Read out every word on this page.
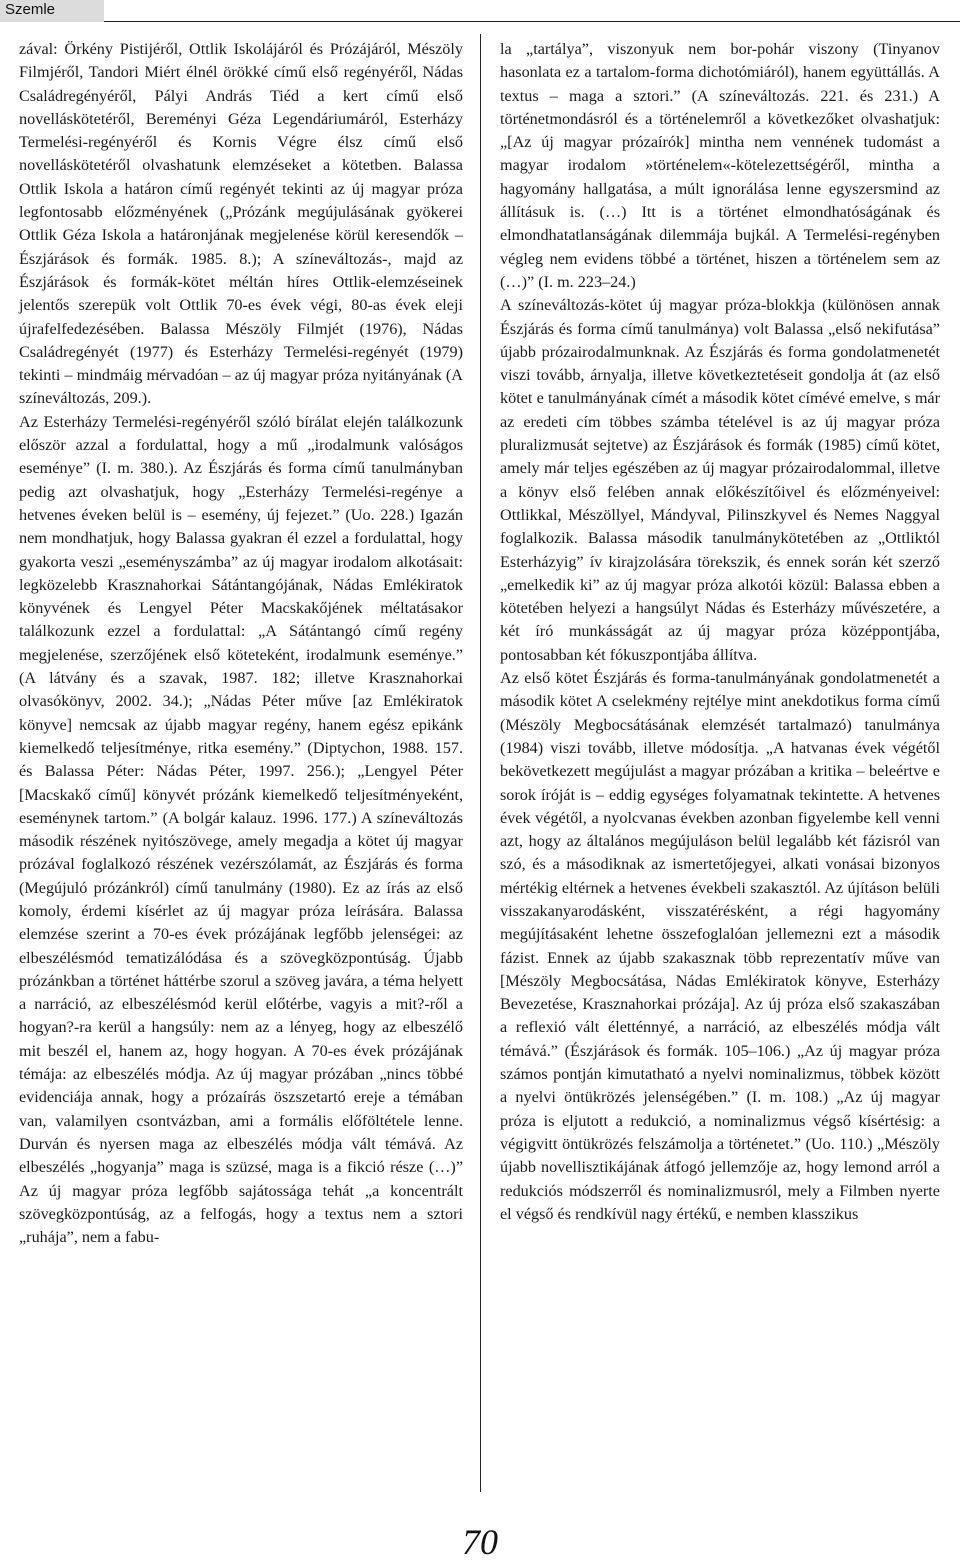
Szemle

zával: Örkény Pistijéről, Ottlik Iskolájáról és Prózájáról, Mészöly Filmjéről, Tandori Miért élnél örökké című első regényéről, Nádas Családregényéről, Pályi András Tiéd a kert című első novelláskötetéről, Bereményi Géza Legendáriumáról, Esterházy Termelési-regényéről és Kornis Végre élsz című első novelláskötetéről olvashatunk elemzéseket a kötetben. Balassa Ottlik Iskola a határon című regényét tekinti az új magyar próza legfontosabb előzményének („Prózánk megújulásának gyökerei Ottlik Géza Iskola a határonjának megjelenése körül keresendők – Észjárások és formák. 1985. 8.); A színeváltozás-, majd az Észjárások és formák-kötet méltán híres Ottlik-elemzéseinek jelentős szerepük volt Ottlik 70-es évek végi, 80-as évek eleji újrafelfedezésében. Balassa Mészöly Filmjét (1976), Nádas Családregényét (1977) és Esterházy Termelési-regényét (1979) tekinti – mindmáig mérvadóan – az új magyar próza nyitányának (A színeváltozás, 209.).

Az Esterházy Termelési-regényéről szóló bírálat elején találkozunk először azzal a fordulattal, hogy a mű „irodalmunk valóságos eseménye” (I. m. 380.). Az Észjárás és forma című tanulmányban pedig azt olvashatjuk, hogy „Esterházy Termelési-regénye a hetvenes éveken belül is – esemény, új fejezet.” (Uo. 228.) Igazán nem mondhatjuk, hogy Balassa gyakran él ezzel a fordulattal, hogy gyakorta veszi „eseményszámba” az új magyar irodalom alkotásait: legközelebb Krasznahorkai Sátántangójának, Nádas Emlékiratok könyvének és Lengyel Péter Macskakőjének méltatásakor találkozunk ezzel a fordulattal: „A Sátántangó című regény megjelenése, szerzőjének első köteteként, irodalmunk eseménye.” (A látvány és a szavak, 1987. 182; illetve Krasznahorkai olvasókönyv, 2002. 34.); „Nádas Péter műve [az Emlékiratok könyve] nemcsak az újabb magyar regény, hanem egész epikánk kiemelkedő teljesítménye, ritka esemény.” (Diptychon, 1988. 157. és Balassa Péter: Nádas Péter, 1997. 256.); „Lengyel Péter [Macskakő című] könyvét prózánk kiemelkedő teljesítményeként, eseménynek tartom.” (A bolgár kalauz. 1996. 177.) A színeváltozás második részének nyitószövege, amely megadja a kötet új magyar prózával foglalkozó részének vezérszólamát, az Észjárás és forma (Megújuló prózánkról) című tanulmány (1980). Ez az írás az első komoly, érdemi kísérlet az új magyar próza leírására. Balassa elemzése szerint a 70-es évek prózájának legfőbb jelenségei: az elbeszélésmód tematizálódása és a szövegközpontúság. Újabb prózánkban a történet háttérbe szorul a szöveg javára, a téma helyett a narráció, az elbeszélésmód kerül előtérbe, vagyis a mit?-ről a hogyan?-ra kerül a hangsúly: nem az a lényeg, hogy az elbeszélő mit beszél el, hanem az, hogy hogyan. A 70-es évek prózájának témája: az elbeszélés módja. Az új magyar prózában „nincs többé evidenciája annak, hogy a prózaírás öszszetartó ereje a témában van, valamilyen csontvázban, ami a formális előföltétele lenne. Durván és nyersen maga az elbeszélés módja vált témává. Az elbeszélés „hogyanja” maga is szüzsé, maga is a fikció része (…)” Az új magyar próza legfőbb sajátossága tehát „a koncentrált szövegközpontúság, az a felfogás, hogy a textus nem a sztori „ruhája”, nem a fabu-

la „tartálya”, viszonyuk nem bor-pohár viszony (Tinyanov hasonlata ez a tartalom-forma dichotómiáról), hanem együttállás. A textus – maga a sztori.” (A színeváltozás. 221. és 231.) A történetmondásról és a történelemről a következőket olvashatjuk: „[Az új magyar prózaírók] mintha nem vennének tudomást a magyar irodalom »történelem«-kötelezettségéről, mintha a hagyomány hallgatása, a múlt ignorálása lenne egyszersmind az állításuk is. (…) Itt is a történet elmondhatóságának és elmondhatatlanságának dilemmája bujkál. A Termelési-regényben végleg nem evidens többé a történet, hiszen a történelem sem az (…)” (I. m. 223–24.)

A színeváltozás-kötet új magyar próza-blokkja (különösen annak Észjárás és forma című tanulmánya) volt Balassa „első nekifutása” újabb prózairodalmunknak. Az Észjárás és forma gondolatmenetét viszi tovább, árnyalja, illetve következtetéseit gondolja át (az első kötet e tanulmányának címét a második kötet címévé emelve, s már az eredeti cím többes számba tételével is az új magyar próza pluralizmusát sejtetve) az Észjárások és formák (1985) című kötet, amely már teljes egészében az új magyar prózairodalommal, illetve a könyv első felében annak előkészítőivel és előzményeivel: Ottlikkal, Mészöllyel, Mándyval, Pilinszkyvel és Nemes Naggyal foglalkozik. Balassa második tanulmánykötetében az „Ottliktól Esterházyig” ív kirajzolására törekszik, és ennek során két szerző „emelkedik ki” az új magyar próza alkotói közül: Balassa ebben a kötetében helyezi a hangsúlyt Nádas és Esterházy művészetére, a két író munkásságát az új magyar próza középpontjába, pontosabban két fókuszpontjába állítva.

Az első kötet Észjárás és forma-tanulmányának gondolatmenetét a második kötet A cselekmény rejtélye mint anekdotikus forma című (Mészöly Megbocsátásának elemzését tartalmazó) tanulmánya (1984) viszi tovább, illetve módosítja. „A hatvanas évek végétől bekövetkezett megújulást a magyar prózában a kritika – beleértve e sorok íróját is – eddig egységes folyamatnak tekintette. A hetvenes évek végétől, a nyolcvanas években azonban figyelembe kell venni azt, hogy az általános megújuláson belül legalább két fázisról van szó, és a másodiknak az ismertetőjegyei, alkati vonásai bizonyos mértékig eltérnek a hetvenes évekbeli szakasztól. Az újításon belüli visszakanyarodásként, visszatérésként, a régi hagyomány megújításaként lehetne összefoglalóan jellemezni ezt a második fázist. Ennek az újabb szakasznak több reprezentatív műve van [Mészöly Megbocsátása, Nádas Emlékiratok könyve, Esterházy Bevezetése, Krasznahorkai prózája]. Az új próza első szakaszában a reflexió vált életténnyé, a narráció, az elbeszélés módja vált témává.” (Észjárások és formák. 105–106.) „Az új magyar próza számos pontján kimutatható a nyelvi nominalizmus, többek között a nyelvi öntükrözés jelenségében.” (I. m. 108.) „Az új magyar próza is eljutott a redukció, a nominalizmus végső kísértésig: a végigvitt öntükrözés felszámolja a történetet.” (Uo. 110.) „Mészöly újabb novellisztikájának átfogó jellemzője az, hogy lemond arról a redukciós módszerről és nominalizmusról, mely a Filmben nyerte el végső és rendkívül nagy értékű, e nemben klasszikus

70
